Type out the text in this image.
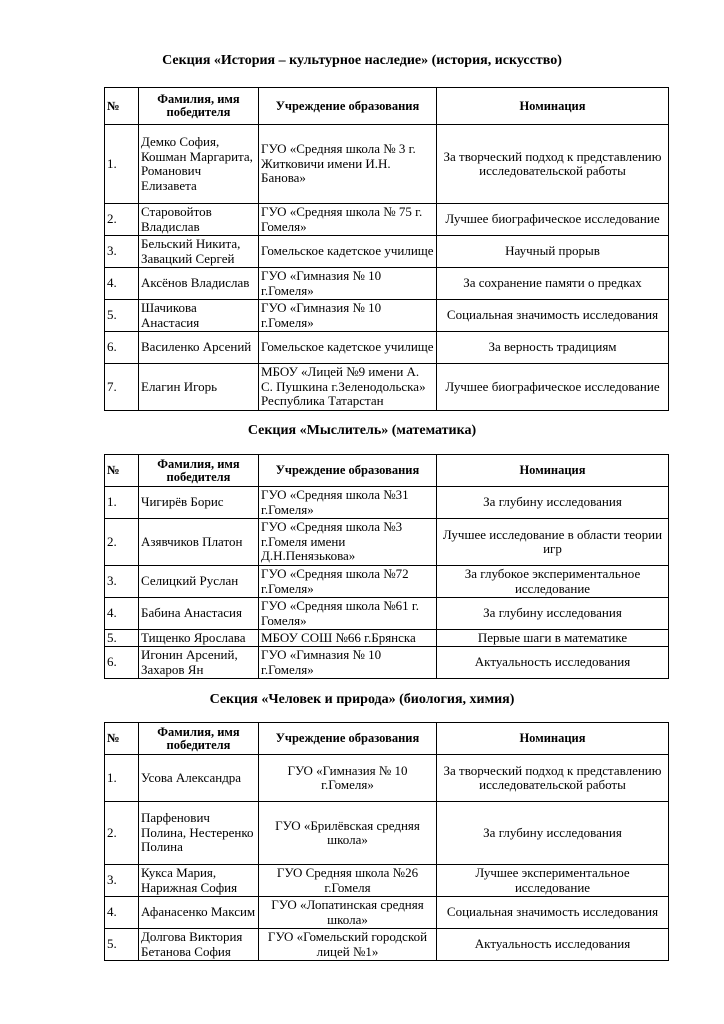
Секция «История – культурное наследие» (история, искусство)
№	Фамилия, имя победителя	Учреждение образования	Номинация
1.	Демко София, Кошман Маргарита, Романович Елизавета	ГУО «Средняя школа № 3 г. Житковичи имени И.Н. Банова»	За творческий подход к представлению исследовательской работы
2.	Старовойтов Владислав	ГУО «Средняя школа № 75 г. Гомеля»	Лучшее биографическое исследование
3.	Бельский Никита, Завацкий Сергей	Гомельское кадетское училище	Научный прорыв
4.	Аксёнов Владислав	ГУО «Гимназия № 10 г.Гомеля»	За сохранение памяти о предках
5.	Шачикова Анастасия	ГУО «Гимназия № 10 г.Гомеля»	Социальная значимость исследования
6.	Василенко Арсений	Гомельское кадетское училище	За верность традициям
7.	Елагин Игорь	МБОУ «Лицей №9 имени А. С. Пушкина г.Зеленодольска» Республика Татарстан	Лучшее биографическое исследование
Секция «Мыслитель» (математика)
№	Фамилия, имя победителя	Учреждение образования	Номинация
1.	Чигирёв Борис	ГУО «Средняя школа №31 г.Гомеля»	За глубину исследования
2.	Азявчиков Платон	ГУО «Средняя школа №3 г.Гомеля имени Д.Н.Пенязькова»	Лучшее исследование в области теории игр
3.	Селицкий Руслан	ГУО «Средняя школа №72 г.Гомеля»	За глубокое экспериментальное исследование
4.	Бабина Анастасия	ГУО «Средняя школа №61 г. Гомеля»	За глубину исследования
5.	Тищенко Ярослава	МБОУ СОШ №66 г.Брянска	Первые шаги в математике
6.	Игонин Арсений, Захаров Ян	ГУО «Гимназия № 10 г.Гомеля»	Актуальность исследования
Секция «Человек и природа» (биология, химия)
№	Фамилия, имя победителя	Учреждение образования	Номинация
1.	Усова Александра	ГУО «Гимназия № 10 г.Гомеля»	За творческий подход к представлению исследовательской работы
2.	Парфенович Полина, Нестеренко Полина	ГУО «Брилёвская средняя школа»	За глубину исследования
3.	Кукса Мария, Нарижная София	ГУО Средняя школа №26 г.Гомеля	Лучшее экспериментальное исследование
4.	Афанасенко Максим	ГУО «Лопатинская средняя школа»	Социальная значимость исследования
5.	Долгова Виктория Бетанова София	ГУО «Гомельский городской лицей №1»	Актуальность исследования
